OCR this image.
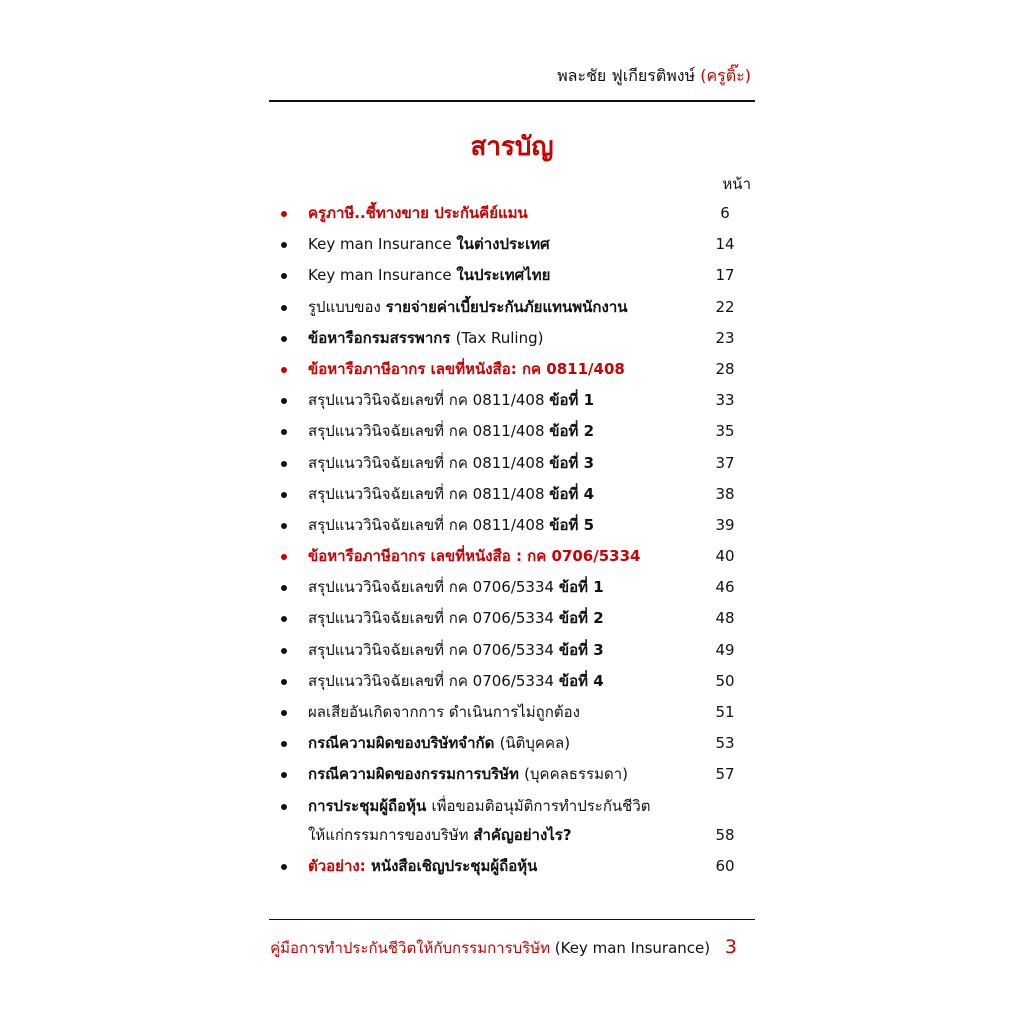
พละชัย ฟูเกียรติพงษ์ (ครูติ๊ะ)
สารบัญ
หน้า
ครูภาษี..ชี้ทางขาย ประกันคีย์แมน	6
Key man Insurance ในต่างประเทศ	14
Key man Insurance ในประเทศไทย	17
รูปแบบของ รายจ่ายค่าเบี้ยประกันภัยแทนพนักงาน	22
ข้อหารือกรมสรรพากร (Tax Ruling)	23
ข้อหารือภาษีอากร เลขที่หนังสือ: กค 0811/408	28
สรุปแนววินิจฉัยเลขที่ กค 0811/408 ข้อที่ 1	33
สรุปแนววินิจฉัยเลขที่ กค 0811/408 ข้อที่ 2	35
สรุปแนววินิจฉัยเลขที่ กค 0811/408 ข้อที่ 3	37
สรุปแนววินิจฉัยเลขที่ กค 0811/408 ข้อที่ 4	38
สรุปแนววินิจฉัยเลขที่ กค 0811/408 ข้อที่ 5	39
ข้อหารือภาษีอากร เลขที่หนังสือ : กค 0706/5334	40
สรุปแนววินิจฉัยเลขที่ กค 0706/5334 ข้อที่ 1	46
สรุปแนววินิจฉัยเลขที่ กค 0706/5334 ข้อที่ 2	48
สรุปแนววินิจฉัยเลขที่ กค 0706/5334 ข้อที่ 3	49
สรุปแนววินิจฉัยเลขที่ กค 0706/5334 ข้อที่ 4	50
ผลเสียอันเกิดจากการ ดำเนินการไม่ถูกต้อง	51
กรณีความผิดของบริษัทจำกัด (นิติบุคคล)	53
กรณีความผิดของกรรมการบริษัท (บุคคลธรรมดา)	57
การประชุมผู้ถือหุ้น เพื่อขอมติอนุมัติการทำประกันชีวิต
ให้แก่กรรมการของบริษัท สำคัญอย่างไร?	58
ตัวอย่าง: หนังสือเชิญประชุมผู้ถือหุ้น	60
คู่มือการทำประกันชีวิตให้กับกรรมการบริษัท (Key man Insurance) 3
